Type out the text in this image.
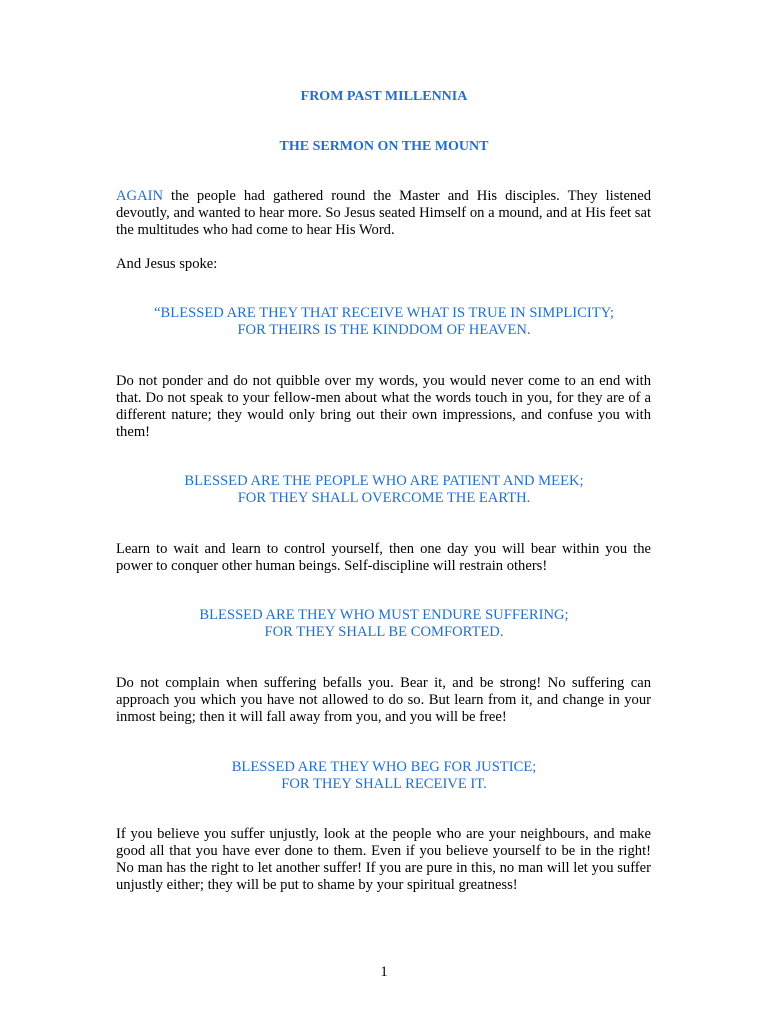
FROM PAST MILLENNIA
THE SERMON ON THE MOUNT

AGAIN the people had gathered round the Master and His disciples. They listened devoutly, and wanted to hear more. So Jesus seated Himself on a mound, and at His feet sat the multitudes who had come to hear His Word.

And Jesus spoke:

“BLESSED ARE THEY THAT RECEIVE WHAT IS TRUE IN SIMPLICITY;
FOR THEIRS IS THE KINDDOM OF HEAVEN.

Do not ponder and do not quibble over my words, you would never come to an end with that. Do not speak to your fellow-men about what the words touch in you, for they are of a different nature; they would only bring out their own impressions, and confuse you with them!

BLESSED ARE THE PEOPLE WHO ARE PATIENT AND MEEK;
FOR THEY SHALL OVERCOME THE EARTH.

Learn to wait and learn to control yourself, then one day you will bear within you the power to conquer other human beings. Self-discipline will restrain others!

BLESSED ARE THEY WHO MUST ENDURE SUFFERING;
FOR THEY SHALL BE COMFORTED.

Do not complain when suffering befalls you. Bear it, and be strong! No suffering can approach you which you have not allowed to do so. But learn from it, and change in your inmost being; then it will fall away from you, and you will be free!

BLESSED ARE THEY WHO BEG FOR JUSTICE;
FOR THEY SHALL RECEIVE IT.

If you believe you suffer unjustly, look at the people who are your neighbours, and make good all that you have ever done to them. Even if you believe yourself to be in the right! No man has the right to let another suffer! If you are pure in this, no man will let you suffer unjustly either; they will be put to shame by your spiritual greatness!

1
